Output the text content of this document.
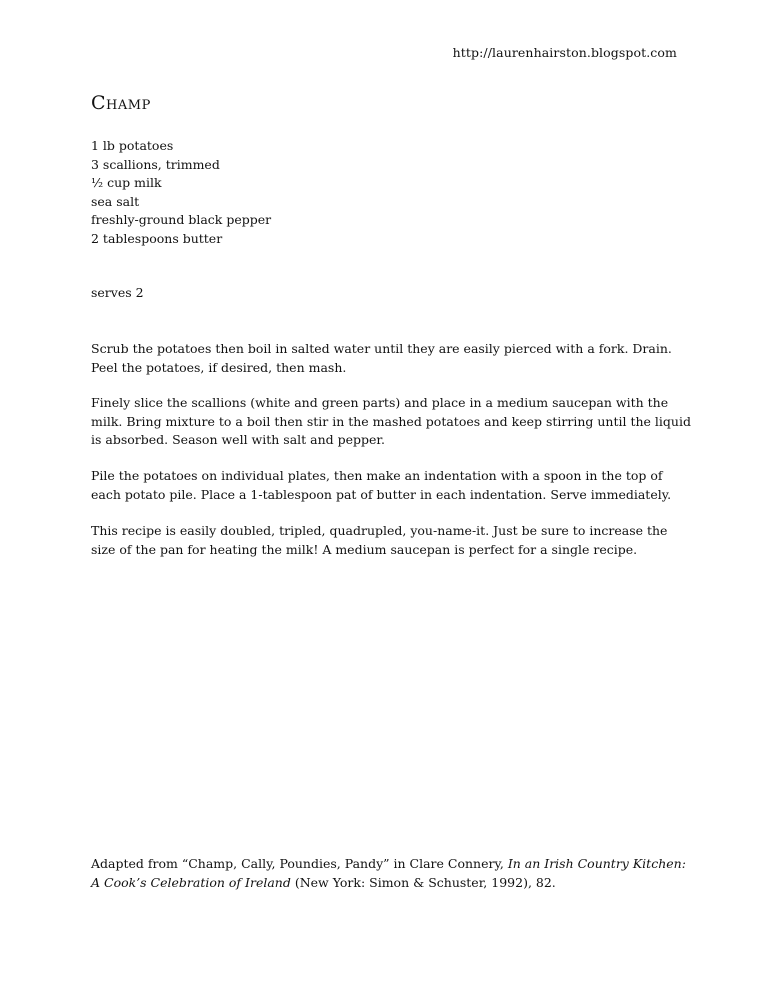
http://laurenhairston.blogspot.com
Champ
1 lb potatoes
3 scallions, trimmed
½ cup milk
sea salt
freshly-ground black pepper
2 tablespoons butter
serves 2

Scrub the potatoes then boil in salted water until they are easily pierced with a fork. Drain. Peel the potatoes, if desired, then mash.

Finely slice the scallions (white and green parts) and place in a medium saucepan with the milk. Bring mixture to a boil then stir in the mashed potatoes and keep stirring until the liquid is absorbed. Season well with salt and pepper.

Pile the potatoes on individual plates, then make an indentation with a spoon in the top of each potato pile. Place a 1-tablespoon pat of butter in each indentation. Serve immediately.

This recipe is easily doubled, tripled, quadrupled, you-name-it. Just be sure to increase the size of the pan for heating the milk! A medium saucepan is perfect for a single recipe.

Adapted from “Champ, Cally, Poundies, Pandy” in Clare Connery, In an Irish Country Kitchen: A Cook’s Celebration of Ireland (New York: Simon & Schuster, 1992), 82.
